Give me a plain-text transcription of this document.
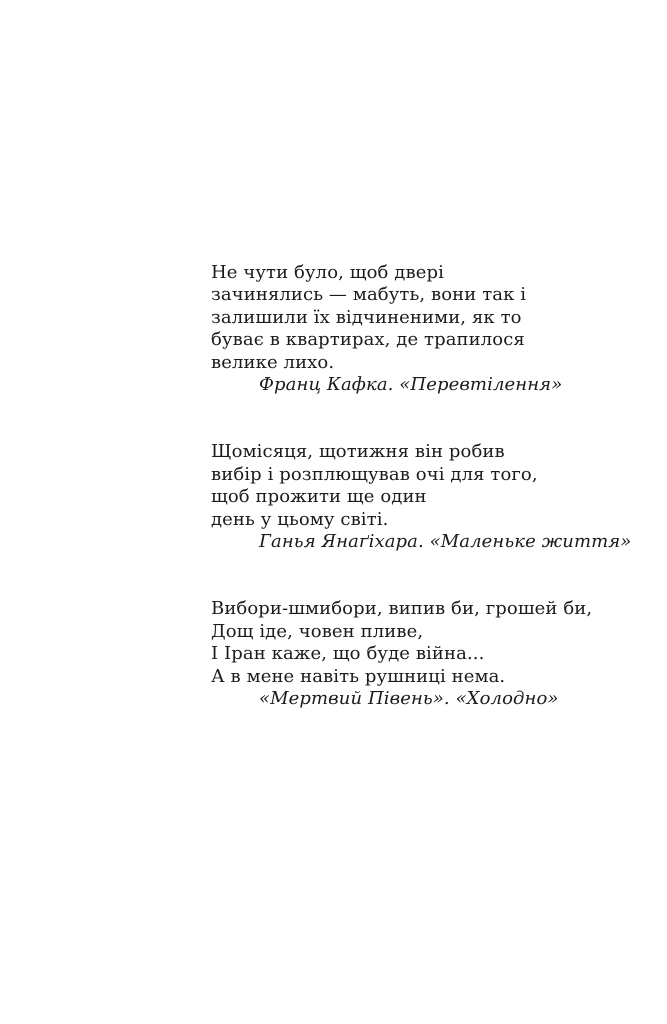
Не чути було, щоб двері
зачинялись — мабуть, вони так і
залишили їх відчиненими, як то
буває в квартирах, де трапилося
велике лихо.
Франц Кафка. «Перевтілення»
Щомісяця, щотижня він робив
вибір і розплющував очі для того,
щоб прожити ще один
день у цьому світі.
Ганья Янаґіхара. «Маленьке життя»
Вибори-шмибори, випив би, грошей би,
Дощ іде, човен пливе,
І Іран каже, що буде війна...
А в мене навіть рушниці нема.
«Мертвий Півень». «Холодно»
